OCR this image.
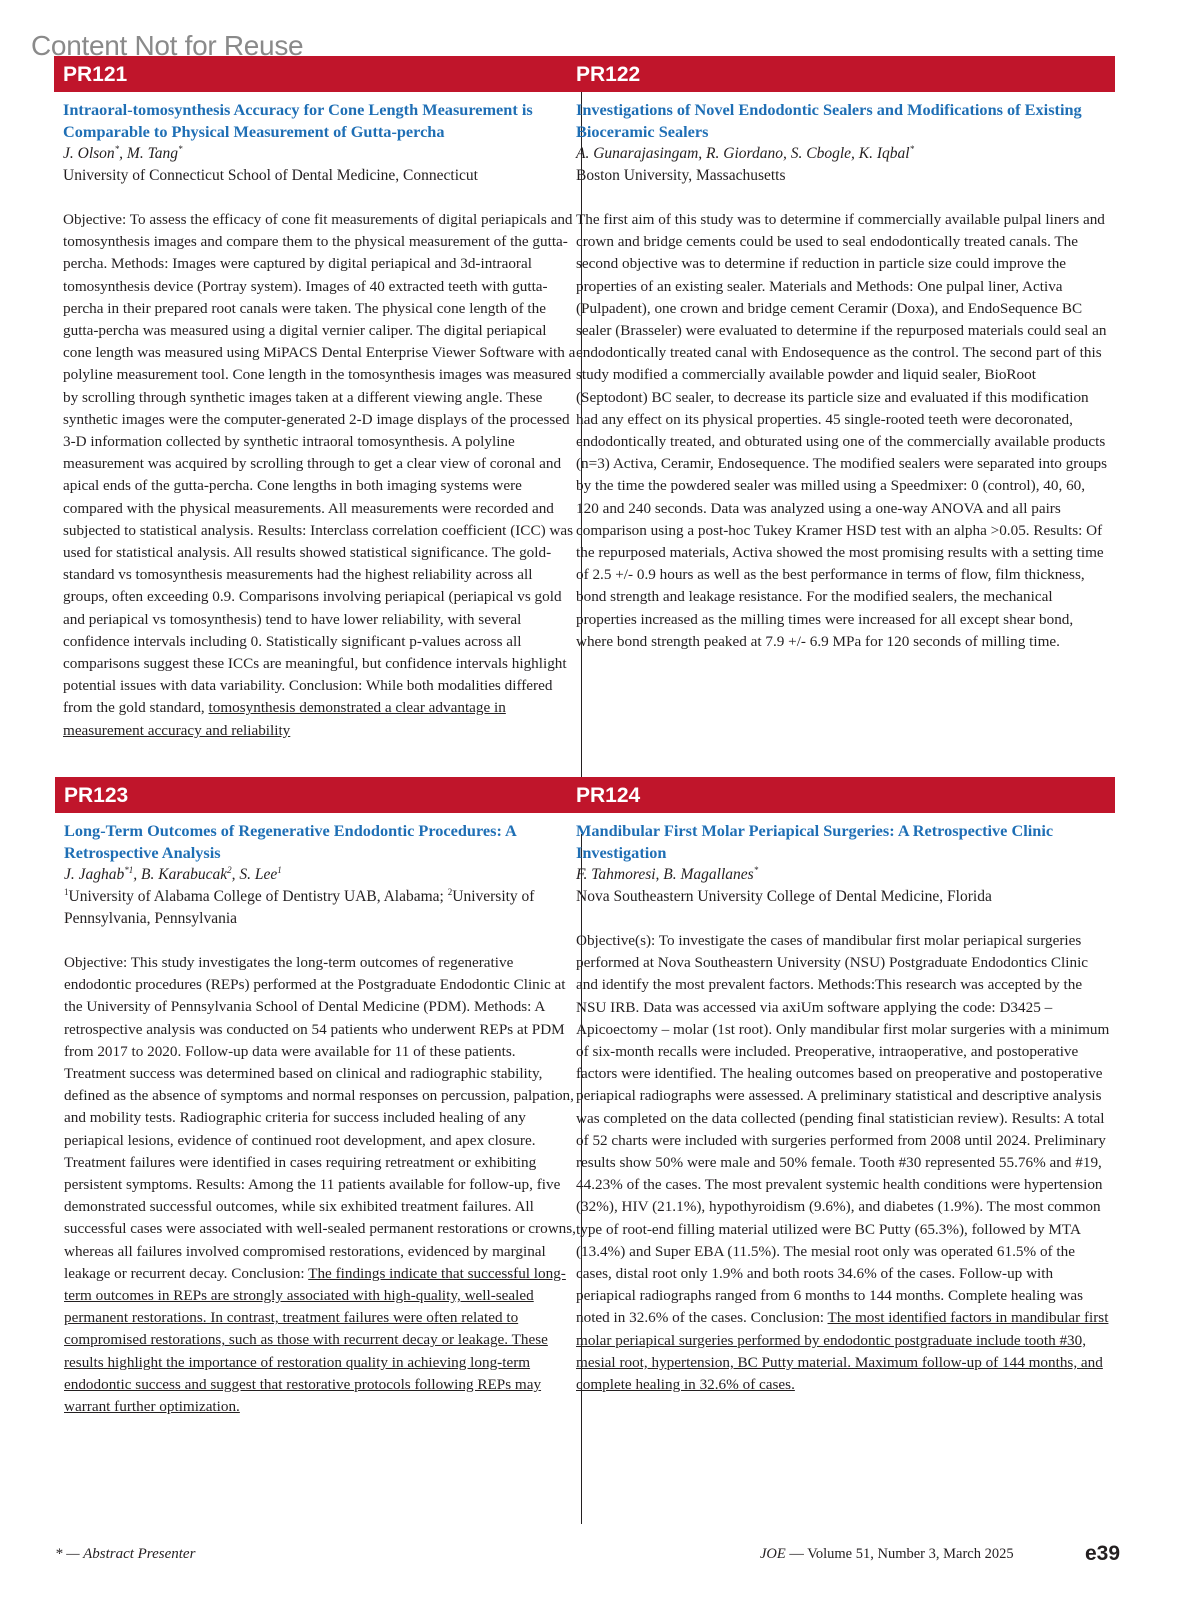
Content Not for Reuse
PR121
Intraoral-tomosynthesis Accuracy for Cone Length Measurement is Comparable to Physical Measurement of Gutta-percha
J. Olson*, M. Tang*
University of Connecticut School of Dental Medicine, Connecticut
Objective: To assess the efficacy of cone fit measurements of digital periapicals and tomosynthesis images and compare them to the physical measurement of the gutta-percha. Methods: Images were captured by digital periapical and 3d-intraoral tomosynthesis device (Portray system). Images of 40 extracted teeth with gutta-percha in their prepared root canals were taken. The physical cone length of the gutta-percha was measured using a digital vernier caliper. The digital periapical cone length was measured using MiPACS Dental Enterprise Viewer Software with a polyline measurement tool. Cone length in the tomosynthesis images was measured by scrolling through synthetic images taken at a different viewing angle. These synthetic images were the computer-generated 2-D image displays of the processed 3-D information collected by synthetic intraoral tomosynthesis. A polyline measurement was acquired by scrolling through to get a clear view of coronal and apical ends of the gutta-percha. Cone lengths in both imaging systems were compared with the physical measurements. All measurements were recorded and subjected to statistical analysis. Results: Interclass correlation coefficient (ICC) was used for statistical analysis. All results showed statistical significance. The gold-standard vs tomosynthesis measurements had the highest reliability across all groups, often exceeding 0.9. Comparisons involving periapical (periapical vs gold and periapical vs tomosynthesis) tend to have lower reliability, with several confidence intervals including 0. Statistically significant p-values across all comparisons suggest these ICCs are meaningful, but confidence intervals highlight potential issues with data variability. Conclusion: While both modalities differed from the gold standard, tomosynthesis demonstrated a clear advantage in measurement accuracy and reliability
PR122
Investigations of Novel Endodontic Sealers and Modifications of Existing Bioceramic Sealers
A. Gunarajasingam, R. Giordano, S. Cbogle, K. Iqbal*
Boston University, Massachusetts
The first aim of this study was to determine if commercially available pulpal liners and crown and bridge cements could be used to seal endodontically treated canals. The second objective was to determine if reduction in particle size could improve the properties of an existing sealer. Materials and Methods: One pulpal liner, Activa (Pulpadent), one crown and bridge cement Ceramir (Doxa), and EndoSequence BC sealer (Brasseler) were evaluated to determine if the repurposed materials could seal an endodontically treated canal with Endosequence as the control. The second part of this study modified a commercially available powder and liquid sealer, BioRoot (Septodont) BC sealer, to decrease its particle size and evaluated if this modification had any effect on its physical properties. 45 single-rooted teeth were decoronated, endodontically treated, and obturated using one of the commercially available products (n=3) Activa, Ceramir, Endosequence. The modified sealers were separated into groups by the time the powdered sealer was milled using a Speedmixer: 0 (control), 40, 60, 120 and 240 seconds. Data was analyzed using a one-way ANOVA and all pairs comparison using a post-hoc Tukey Kramer HSD test with an alpha >0.05. Results: Of the repurposed materials, Activa showed the most promising results with a setting time of 2.5 +/- 0.9 hours as well as the best performance in terms of flow, film thickness, bond strength and leakage resistance. For the modified sealers, the mechanical properties increased as the milling times were increased for all except shear bond, where bond strength peaked at 7.9 +/- 6.9 MPa for 120 seconds of milling time.
PR123
Long-Term Outcomes of Regenerative Endodontic Procedures: A Retrospective Analysis
J. Jaghab$^{*1}$, B. Karabucak$^2$, S. Lee$^1$
$^1$University of Alabama College of Dentistry UAB, Alabama; $^2$University of Pennsylvania, Pennsylvania
Objective: This study investigates the long-term outcomes of regenerative endodontic procedures (REPs) performed at the Postgraduate Endodontic Clinic at the University of Pennsylvania School of Dental Medicine (PDM). Methods: A retrospective analysis was conducted on 54 patients who underwent REPs at PDM from 2017 to 2020. Follow-up data were available for 11 of these patients. Treatment success was determined based on clinical and radiographic stability, defined as the absence of symptoms and normal responses on percussion, palpation, and mobility tests. Radiographic criteria for success included healing of any periapical lesions, evidence of continued root development, and apex closure. Treatment failures were identified in cases requiring retreatment or exhibiting persistent symptoms. Results: Among the 11 patients available for follow-up, five demonstrated successful outcomes, while six exhibited treatment failures. All successful cases were associated with well-sealed permanent restorations or crowns, whereas all failures involved compromised restorations, evidenced by marginal leakage or recurrent decay. Conclusion: The findings indicate that successful long-term outcomes in REPs are strongly associated with high-quality, well-sealed permanent restorations. In contrast, treatment failures were often related to compromised restorations, such as those with recurrent decay or leakage. These results highlight the importance of restoration quality in achieving long-term endodontic success and suggest that restorative protocols following REPs may warrant further optimization.
PR124
Mandibular First Molar Periapical Surgeries: A Retrospective Clinic Investigation
F. Tahmoresi, B. Magallanes*
Nova Southeastern University College of Dental Medicine, Florida
Objective(s): To investigate the cases of mandibular first molar periapical surgeries performed at Nova Southeastern University (NSU) Postgraduate Endodontics Clinic and identify the most prevalent factors. Methods:This research was accepted by the NSU IRB. Data was accessed via axiUm software applying the code: D3425 – Apicoectomy – molar (1st root). Only mandibular first molar surgeries with a minimum of six-month recalls were included. Preoperative, intraoperative, and postoperative factors were identified. The healing outcomes based on preoperative and postoperative periapical radiographs were assessed. A preliminary statistical and descriptive analysis was completed on the data collected (pending final statistician review). Results: A total of 52 charts were included with surgeries performed from 2008 until 2024. Preliminary results show 50% were male and 50% female. Tooth #30 represented 55.76% and #19, 44.23% of the cases. The most prevalent systemic health conditions were hypertension (32%), HIV (21.1%), hypothyroidism (9.6%), and diabetes (1.9%). The most common type of root-end filling material utilized were BC Putty (65.3%), followed by MTA (13.4%) and Super EBA (11.5%). The mesial root only was operated 61.5% of the cases, distal root only 1.9% and both roots 34.6% of the cases. Follow-up with periapical radiographs ranged from 6 months to 144 months. Complete healing was noted in 32.6% of the cases. Conclusion: The most identified factors in mandibular first molar periapical surgeries performed by endodontic postgraduate include tooth #30, mesial root, hypertension, BC Putty material. Maximum follow-up of 144 months, and complete healing in 32.6% of cases.
* — Abstract Presenter	JOE — Volume 51, Number 3, March 2025	e39
